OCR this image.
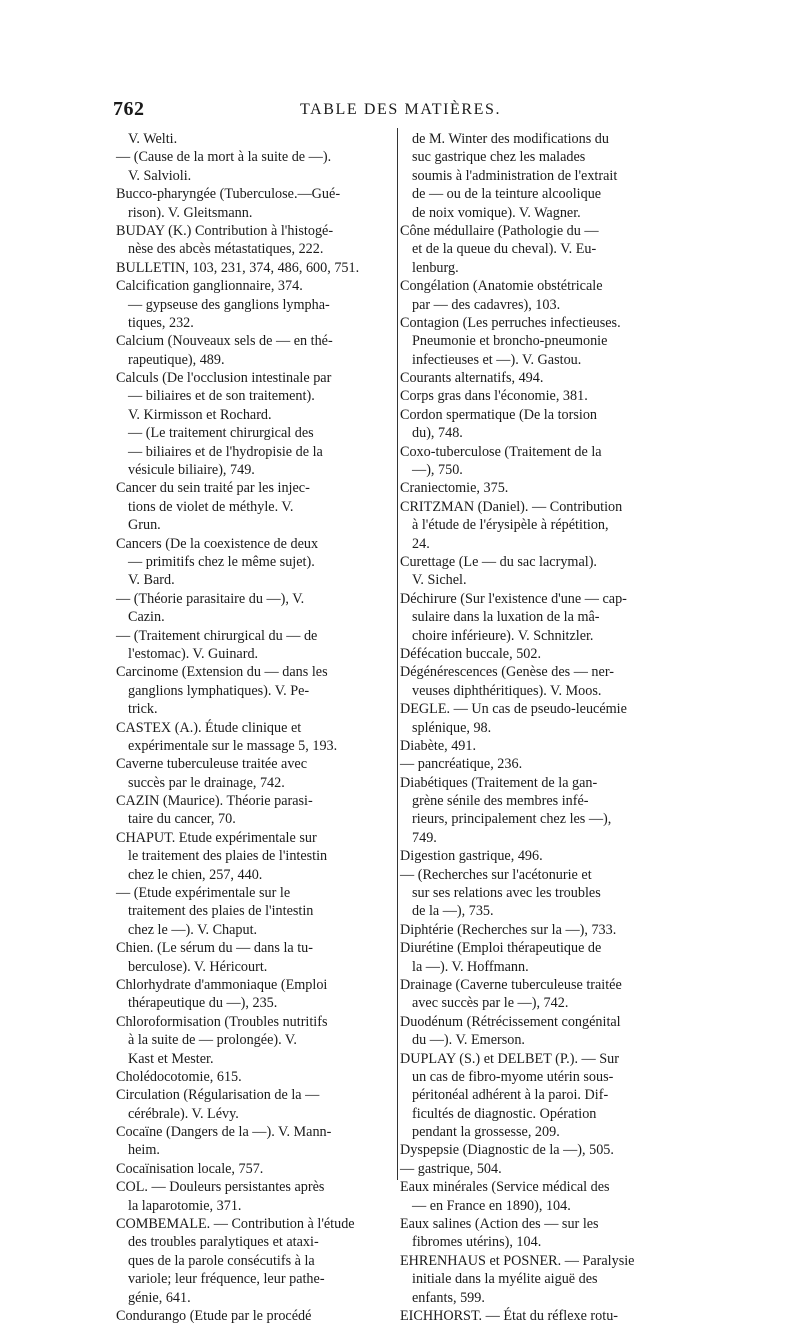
762	TABLE DES MATIÈRES.
V. Welti.
— (Cause de la mort à la suite de —).
V. Salvioli.
Bucco-pharyngée (Tuberculose.—Gué-
rison). V. Gleitsmann.
BUDAY (K.) Contribution à l'histogé-
nèse des abcès métastatiques, 222.
BULLETIN, 103, 231, 374, 486, 600, 751.
Calcification ganglionnaire, 374.
— gypseuse des ganglions lympha-
tiques, 232.
Calcium (Nouveaux sels de — en thé-
rapeutique), 489.
Calculs (De l'occlusion intestinale par
— biliaires et de son traitement).
V. Kirmisson et Rochard.
— (Le traitement chirurgical des
— biliaires et de l'hydropisie de la
vésicule biliaire), 749.
Cancer du sein traité par les injec-
tions de violet de méthyle. V.
Grun.
Cancers (De la coexistence de deux
— primitifs chez le même sujet).
V. Bard.
— (Théorie parasitaire du —), V.
Cazin.
— (Traitement chirurgical du — de
l'estomac). V. Guinard.
Carcinome (Extension du — dans les
ganglions lymphatiques). V. Pe-
trick.
CASTEX (A.). Étude clinique et
expérimentale sur le massage 5, 193.
Caverne tuberculeuse traitée avec
succès par le drainage, 742.
CAZIN (Maurice). Théorie parasi-
taire du cancer, 70.
CHAPUT. Etude expérimentale sur
le traitement des plaies de l'intestin
chez le chien, 257, 440.
— (Etude expérimentale sur le
traitement des plaies de l'intestin
chez le —). V. Chaput.
Chien. (Le sérum du — dans la tu-
berculose). V. Héricourt.
Chlorhydrate d'ammoniaque (Emploi
thérapeutique du —), 235.
Chloroformisation (Troubles nutritifs
à la suite de — prolongée). V.
Kast et Mester.
Cholédocotomie, 615.
Circulation (Régularisation de la —
cérébrale). V. Lévy.
Cocaïne (Dangers de la —). V. Mann-
heim.
Cocaïnisation locale, 757.
COL. — Douleurs persistantes après
la laparotomie, 371.
COMBEMALE. — Contribution à l'étude
des troubles paralytiques et ataxi-
ques de la parole consécutifs à la
variole; leur fréquence, leur pathe-
génie, 641.
Condurango (Etude par le procédé
de M. Winter des modifications du
suc gastrique chez les malades
soumis à l'administration de l'extrait
de — ou de la teinture alcoolique
de noix vomique). V. Wagner.
Cône médullaire (Pathologie du —
et de la queue du cheval). V. Eu-
lenburg.
Congélation (Anatomie obstétricale
par — des cadavres), 103.
Contagion (Les perruches infectieuses.
Pneumonie et broncho-pneumonie
infectieuses et —). V. Gastou.
Courants alternatifs, 494.
Corps gras dans l'économie, 381.
Cordon spermatique (De la torsion
du), 748.
Coxo-tuberculose (Traitement de la
—), 750.
Craniectomie, 375.
CRITZMAN (Daniel). — Contribution
à l'étude de l'érysipèle à répétition,
24.
Curettage (Le — du sac lacrymal).
V. Sichel.
Déchirure (Sur l'existence d'une — cap-
sulaire dans la luxation de la mâ-
choire inférieure). V. Schnitzler.
Défécation buccale, 502.
Dégénérescences (Genèse des — ner-
veuses diphthéritiques). V. Moos.
DEGLE. — Un cas de pseudo-leucémie
splénique, 98.
Diabète, 491.
— pancréatique, 236.
Diabétiques (Traitement de la gan-
grène sénile des membres infé-
rieurs, principalement chez les —),
749.
Digestion gastrique, 496.
— (Recherches sur l'acétonurie et
sur ses relations avec les troubles
de la —), 735.
Diphtérie (Recherches sur la —), 733.
Diurétine (Emploi thérapeutique de
la —). V. Hoffmann.
Drainage (Caverne tuberculeuse traitée
avec succès par le —), 742.
Duodénum (Rétrécissement congénital
du —). V. Emerson.
DUPLAY (S.) et DELBET (P.). — Sur
un cas de fibro-myome utérin sous-
péritonéal adhérent à la paroi. Dif-
ficultés de diagnostic. Opération
pendant la grossesse, 209.
Dyspepsie (Diagnostic de la —), 505.
— gastrique, 504.
Eaux minérales (Service médical des
— en France en 1890), 104.
Eaux salines (Action des — sur les
fibromes utérins), 104.
EHRENHAUS et POSNER. — Paralysie
initiale dans la myélite aiguë des
enfants, 599.
EICHHORST. — État du réflexe rotu-
